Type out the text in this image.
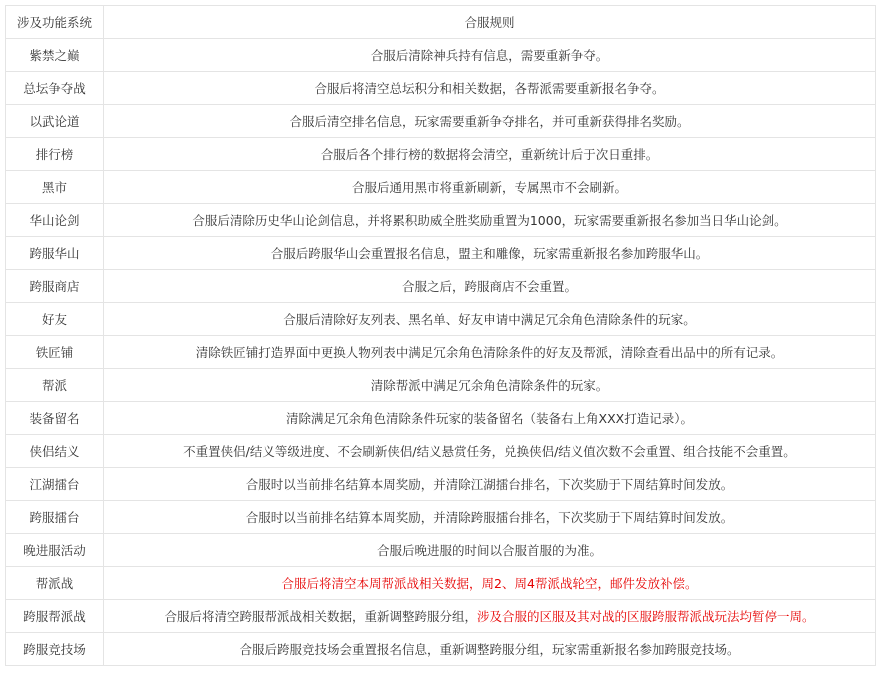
涉及功能系统	合服规则
紫禁之巅	合服后清除神兵持有信息，需要重新争夺。
总坛争夺战	合服后将清空总坛积分和相关数据，各帮派需要重新报名争夺。
以武论道	合服后清空排名信息，玩家需要重新争夺排名，并可重新获得排名奖励。
排行榜	合服后各个排行榜的数据将会清空，重新统计后于次日重排。
黑市	合服后通用黑市将重新刷新，专属黑市不会刷新。
华山论剑	合服后清除历史华山论剑信息，并将累积助威全胜奖励重置为1000，玩家需要重新报名参加当日华山论剑。
跨服华山	合服后跨服华山会重置报名信息，盟主和雕像，玩家需重新报名参加跨服华山。
跨服商店	合服之后，跨服商店不会重置。
好友	合服后清除好友列表、黑名单、好友申请中满足冗余角色清除条件的玩家。
铁匠铺	清除铁匠铺打造界面中更换人物列表中满足冗余角色清除条件的好友及帮派，清除查看出品中的所有记录。
帮派	清除帮派中满足冗余角色清除条件的玩家。
装备留名	清除满足冗余角色清除条件玩家的装备留名（装备右上角XXX打造记录）。
侠侣结义	不重置侠侣/结义等级进度、不会刷新侠侣/结义悬赏任务，兑换侠侣/结义值次数不会重置、组合技能不会重置。
江湖擂台	合服时以当前排名结算本周奖励，并清除江湖擂台排名，下次奖励于下周结算时间发放。
跨服擂台	合服时以当前排名结算本周奖励，并清除跨服擂台排名，下次奖励于下周结算时间发放。
晚进服活动	合服后晚进服的时间以合服首服的为准。
帮派战	合服后将清空本周帮派战相关数据，周2、周4帮派战轮空，邮件发放补偿。
跨服帮派战	合服后将清空跨服帮派战相关数据，重新调整跨服分组，涉及合服的区服及其对战的区服跨服帮派战玩法均暂停一周。
跨服竞技场	合服后跨服竞技场会重置报名信息，重新调整跨服分组，玩家需重新报名参加跨服竞技场。
